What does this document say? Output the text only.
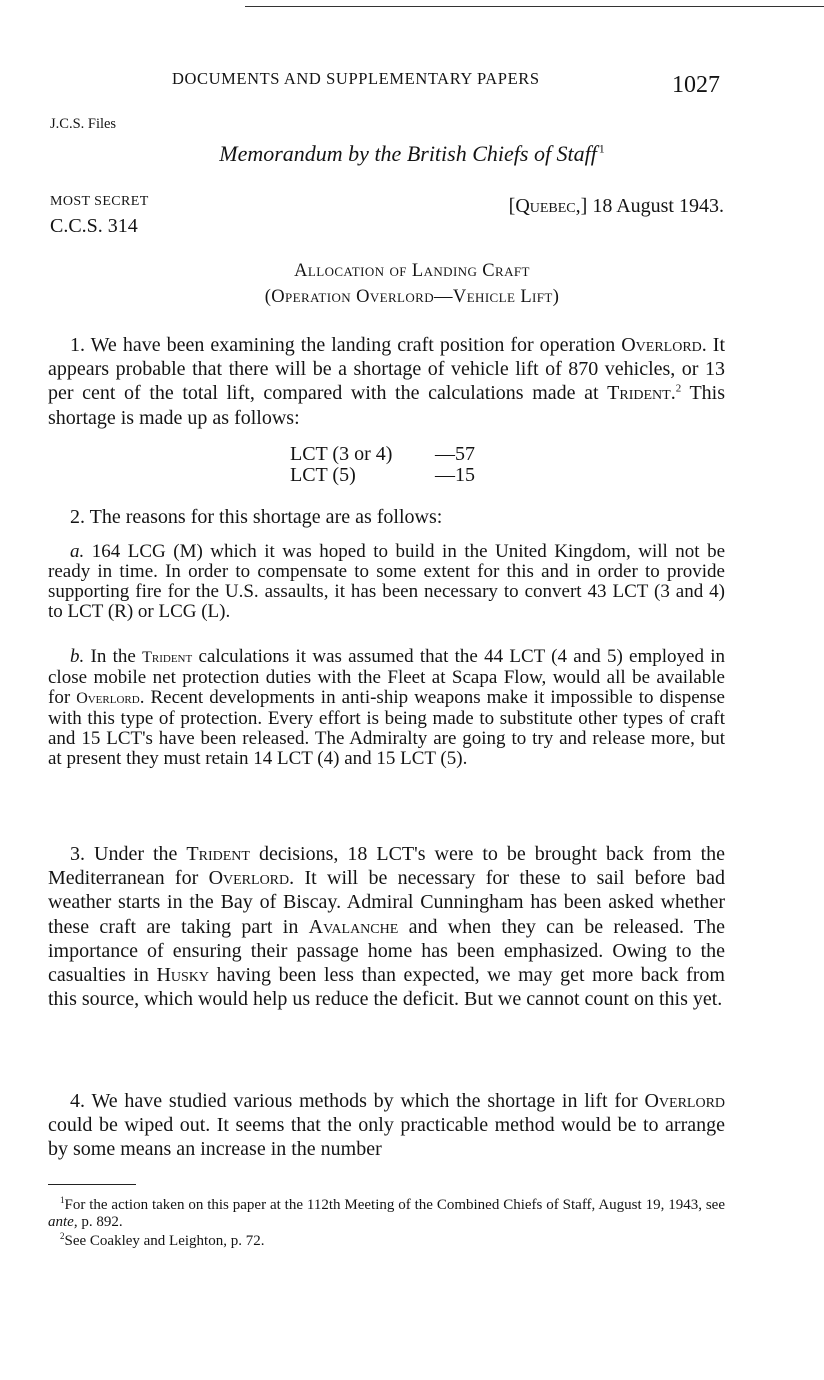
DOCUMENTS AND SUPPLEMENTARY PAPERS	1027
J.C.S. Files
Memorandum by the British Chiefs of Staff  $^1$
MOST SECRET
C.C.S. 314
[Quebec,] 18 August 1943.
Allocation of Landing Craft
(Operation Overlord—Vehicle Lift)

1. We have been examining the landing craft position for operation Overlord. It appears probable that there will be a shortage of vehicle lift of 870 vehicles, or 13 per cent of the total lift, compared with the calculations made at Trident.$^2$ This shortage is made up as follows:

LCT (3 or 4)	—57
LCT (5)	—15

2. The reasons for this shortage are as follows:

a. 164 LCG (M) which it was hoped to build in the United Kingdom, will not be ready in time. In order to compensate to some extent for this and in order to provide supporting fire for the U.S. assaults, it has been necessary to convert 43 LCT (3 and 4) to LCT (R) or LCG (L).

b. In the Trident calculations it was assumed that the 44 LCT (4 and 5) employed in close mobile net protection duties with the Fleet at Scapa Flow, would all be available for Overlord. Recent developments in anti-ship weapons make it impossible to dispense with this type of protection. Every effort is being made to substitute other types of craft and 15 LCT's have been released. The Admiralty are going to try and release more, but at present they must retain 14 LCT (4) and 15 LCT (5).

3. Under the Trident decisions, 18 LCT's were to be brought back from the Mediterranean for Overlord. It will be necessary for these to sail before bad weather starts in the Bay of Biscay. Admiral Cunningham has been asked whether these craft are taking part in Avalanche and when they can be released. The importance of ensuring their passage home has been emphasized. Owing to the casualties in Husky having been less than expected, we may get more back from this source, which would help us reduce the deficit. But we cannot count on this yet.

4. We have studied various methods by which the shortage in lift for Overlord could be wiped out. It seems that the only practicable method would be to arrange by some means an increase in the number

$^1$For the action taken on this paper at the 112th Meeting of the Combined Chiefs of Staff, August 19, 1943, see ante, p. 892.

$^2$See Coakley and Leighton, p. 72.
